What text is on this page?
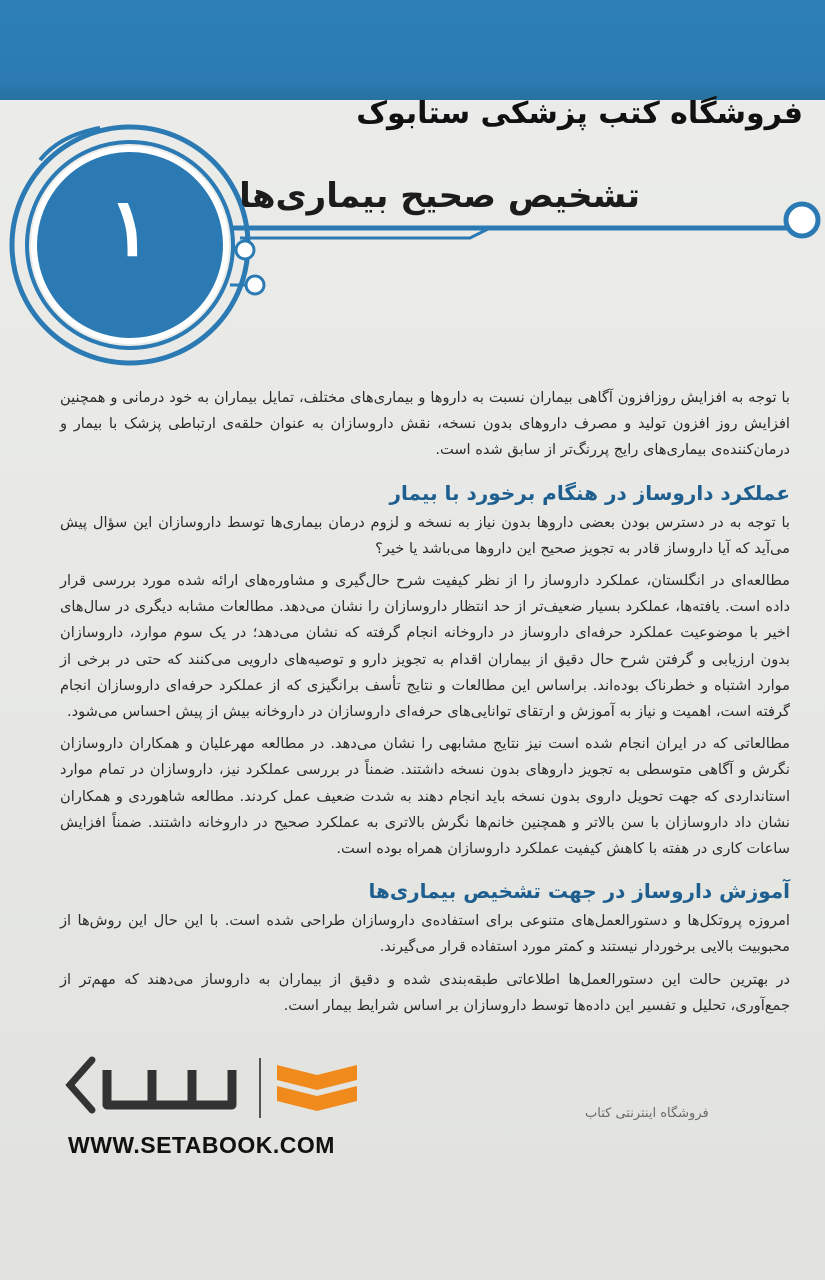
فروشگاه کتب پزشکی ستابوک
۱	تشخیص صحیح بیماری‌ها

با توجه به افزایش روزافزون آگاهی بیماران نسبت به داروها و بیماری‌های مختلف، تمایل بیماران به خود درمانی و همچنین افزایش روز افزون تولید و مصرف داروهای بدون نسخه، نقش داروسازان به عنوان حلقه‌ی ارتباطی پزشک با بیمار و درمان‌کننده‌ی بیماری‌های رایج پررنگ‌تر از سابق شده است.

عملکرد داروساز در هنگام برخورد با بیمار

با توجه به در دسترس بودن بعضی داروها بدون نیاز به نسخه و لزوم درمان بیماری‌ها توسط داروسازان این سؤال پیش می‌آید که آیا داروساز قادر به تجویز صحیح این داروها می‌باشد یا خیر؟

مطالعه‌ای در انگلستان، عملکرد داروساز را از نظر کیفیت شرح حال‌گیری و مشاوره‌های ارائه شده مورد بررسی قرار داده است. یافته‌ها، عملکرد بسیار ضعیف‌تر از حد انتظار داروسازان را نشان می‌دهد. مطالعات مشابه دیگری در سال‌های اخیر با موضوعیت عملکرد حرفه‌ای داروساز در داروخانه انجام گرفته که نشان می‌دهد؛ در یک سوم موارد، داروسازان بدون ارزیابی و گرفتن شرح حال دقیق از بیماران اقدام به تجویز دارو و توصیه‌های دارویی می‌کنند که حتی در برخی از موارد اشتباه و خطرناک بوده‌اند. براساس این مطالعات و نتایج تأسف برانگیزی که از عملکرد حرفه‌ای داروسازان انجام گرفته است، اهمیت و نیاز به آموزش و ارتقای توانایی‌های حرفه‌ای داروسازان در داروخانه بیش از پیش احساس می‌شود.

مطالعاتی که در ایران انجام شده است نیز نتایج مشابهی را نشان می‌دهد. در مطالعه مهرعلیان و همکاران داروسازان نگرش و آگاهی متوسطی به تجویز داروهای بدون نسخه داشتند. ضمناً در بررسی عملکرد نیز، داروسازان در تمام موارد استانداردی که جهت تحویل داروی بدون نسخه باید انجام دهند به شدت ضعیف عمل کردند. مطالعه شاهوردی و همکاران نشان داد داروسازان با سن بالاتر و همچنین خانم‌ها نگرش بالاتری به عملکرد صحیح در داروخانه داشتند. ضمناً افزایش ساعات کاری در هفته با کاهش کیفیت عملکرد داروسازان همراه بوده است.

آموزش داروساز در جهت تشخیص بیماری‌ها

امروزه پروتکل‌ها و دستورالعمل‌های متنوعی برای استفاده‌ی داروسازان طراحی شده است. با این حال این روش‌ها از محبوبیت بالایی برخوردار نیستند و کمتر مورد استفاده قرار می‌گیرند.

در بهترین حالت این دستورالعمل‌ها اطلاعاتی طبقه‌بندی شده و دقیق از بیماران به داروساز می‌دهند که مهم‌تر از جمع‌آوری، تحلیل و تفسیر این داده‌ها توسط داروسازان بر اساس شرایط بیمار است.

WWW.SETABOOK.COM
فروشگاه اینترنتی کتاب
